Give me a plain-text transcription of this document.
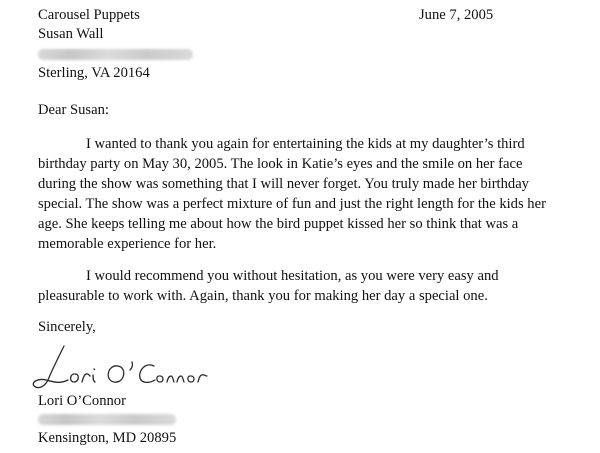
Carousel Puppets	June 7, 2005
Susan Wall
Sterling, VA 20164
Dear Susan:
I wanted to thank you again for entertaining the kids at my daughter’s third
birthday party on May 30, 2005. The look in Katie’s eyes and the smile on her face
during the show was something that I will never forget. You truly made her birthday
special. The show was a perfect mixture of fun and just the right length for the kids her
age. She keeps telling me about how the bird puppet kissed her so think that was a
memorable experience for her.
I would recommend you without hesitation, as you were very easy and
pleasurable to work with. Again, thank you for making her day a special one.
Sincerely,
Lori O’Connor
Kensington, MD 20895
